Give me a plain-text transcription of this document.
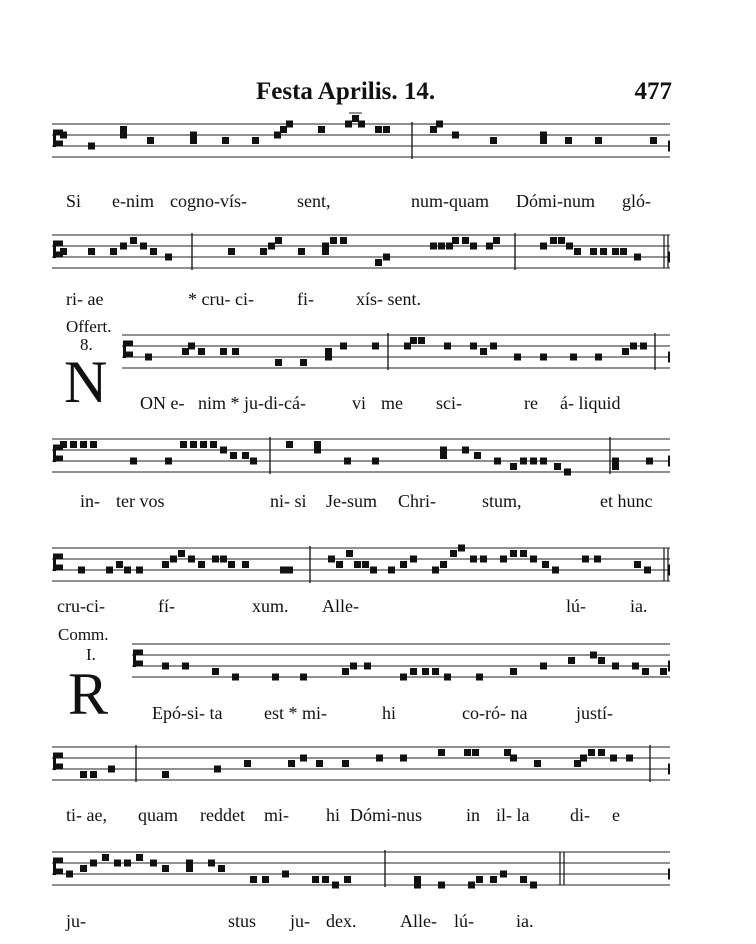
Festa Aprilis. 14.	477
Si e-nim cogno-vís-	sent,	num-quam Dómi-num gló-
ri- ae	* cru- ci- fi- xís- sent.
Offert.
8.
N ON e- nim * ju-di-cá-	vi me sci-	re á- liquid
in- ter vos	ni- si Je-sum Chri-	stum,	et hunc
cru-ci-	fí-	xum. Alle-	lú- ia.
Comm.
I.
R Epó-si- ta est * mi-	hi	co-ró- na	justí-
ti- ae, quam reddet mi- hi Dómi-nus in il- la di- e
ju-	stus ju- dex. Alle- lú- ia.
